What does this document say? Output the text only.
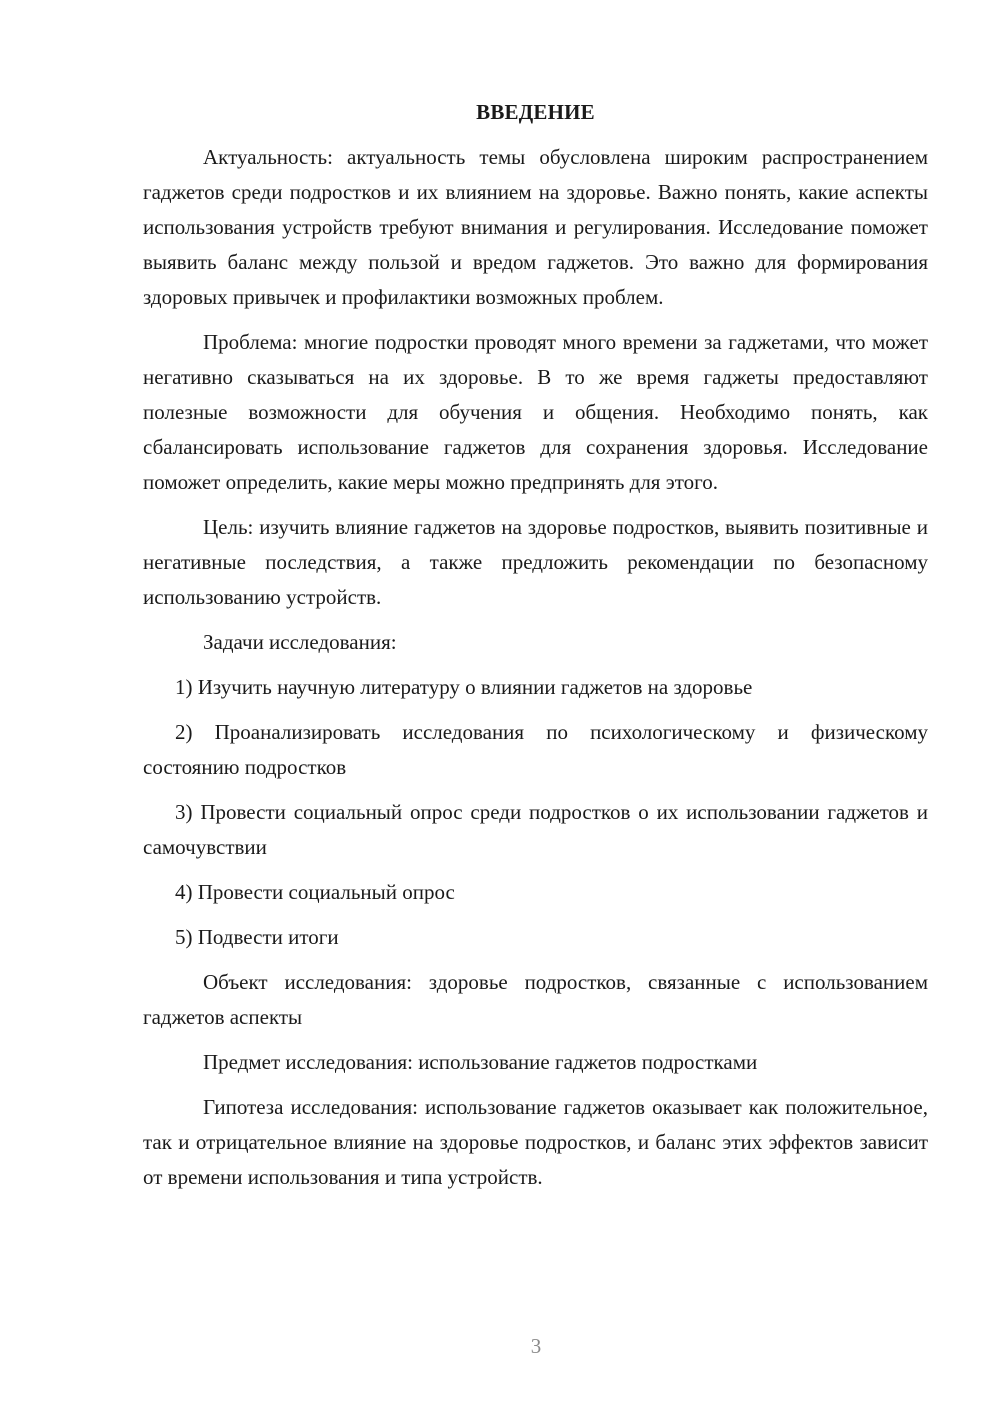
ВВЕДЕНИЕ

Актуальность: актуальность темы обусловлена широким распространением гаджетов среди подростков и их влиянием на здоровье. Важно понять, какие аспекты использования устройств требуют внимания и регулирования. Исследование поможет выявить баланс между пользой и вредом гаджетов. Это важно для формирования здоровых привычек и профилактики возможных проблем.

Проблема: многие подростки проводят много времени за гаджетами, что может негативно сказываться на их здоровье. В то же время гаджеты предоставляют полезные возможности для обучения и общения. Необходимо понять, как сбалансировать использование гаджетов для сохранения здоровья. Исследование поможет определить, какие меры можно предпринять для этого.

Цель: изучить влияние гаджетов на здоровье подростков, выявить позитивные и негативные последствия, а также предложить рекомендации по безопасному использованию устройств.

Задачи исследования:

1) Изучить научную литературу о влиянии гаджетов на здоровье

2) Проанализировать исследования по психологическому и физическому состоянию подростков

3) Провести социальный опрос среди подростков о их использовании гаджетов и самочувствии

4) Провести социальный опрос

5) Подвести итоги

Объект исследования: здоровье подростков, связанные с использованием гаджетов аспекты

Предмет исследования: использование гаджетов подростками

Гипотеза исследования: использование гаджетов оказывает как положительное, так и отрицательное влияние на здоровье подростков, и баланс этих эффектов зависит от времени использования и типа устройств.

3
